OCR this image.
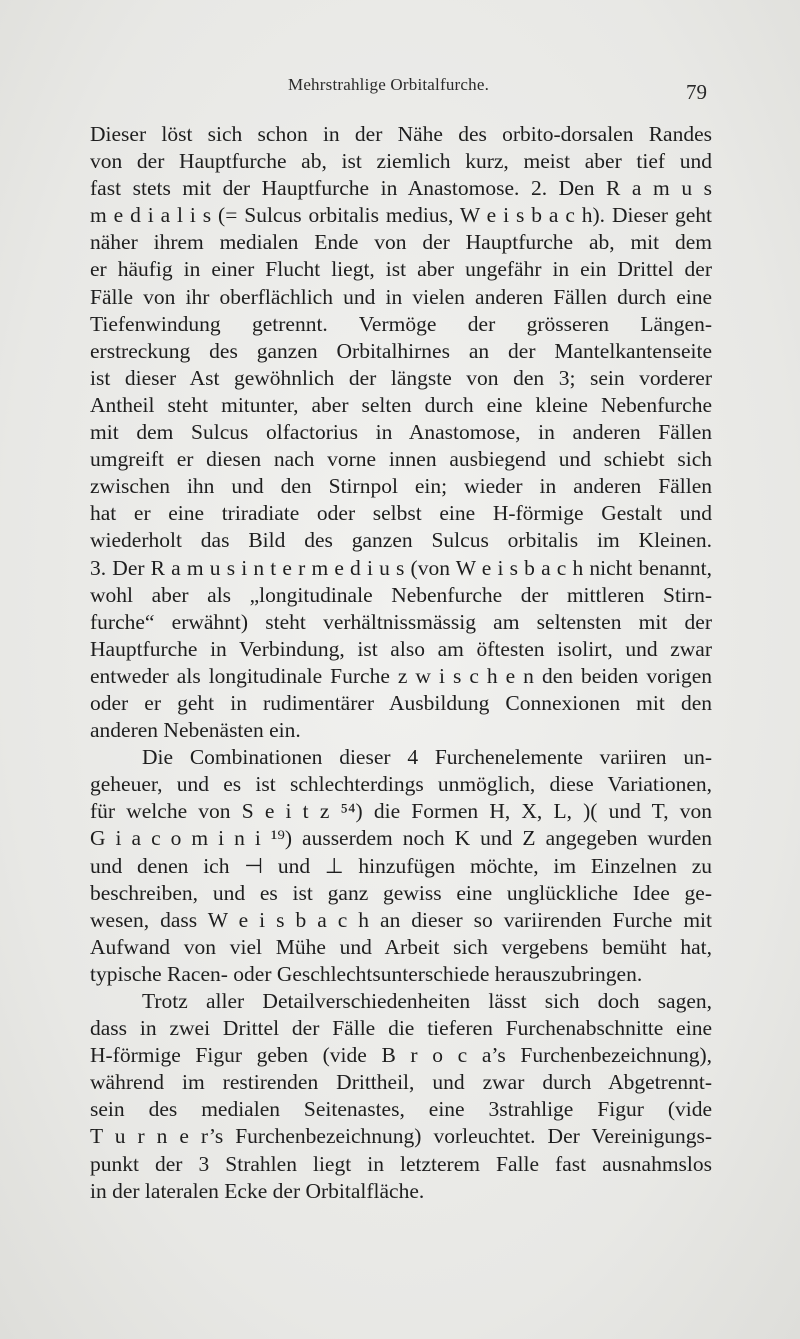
Mehrstrahlige Orbitalfurche.	79
Dieser löst sich schon in der Nähe des orbito-dorsalen Randes
von der Hauptfurche ab, ist ziemlich kurz, meist aber tief und
fast stets mit der Hauptfurche in Anastomose. 2. Den R a m u s
m e d i a l i s (= Sulcus orbitalis medius, W e i s b a c h). Dieser geht
näher ihrem medialen Ende von der Hauptfurche ab, mit dem
er häufig in einer Flucht liegt, ist aber ungefähr in ein Drittel der
Fälle von ihr oberflächlich und in vielen anderen Fällen durch eine
Tiefenwindung getrennt. Vermöge der grösseren Längen-
erstreckung des ganzen Orbitalhirnes an der Mantelkantenseite
ist dieser Ast gewöhnlich der längste von den 3; sein vorderer
Antheil steht mitunter, aber selten durch eine kleine Nebenfurche
mit dem Sulcus olfactorius in Anastomose, in anderen Fällen
umgreift er diesen nach vorne innen ausbiegend und schiebt sich
zwischen ihn und den Stirnpol ein; wieder in anderen Fällen
hat er eine triradiate oder selbst eine H-förmige Gestalt und
wiederholt das Bild des ganzen Sulcus orbitalis im Kleinen.
3. Der R a m u s i n t e r m e d i u s (von W e i s b a c h nicht benannt,
wohl aber als „longitudinale Nebenfurche der mittleren Stirn-
furche“ erwähnt) steht verhältnissmässig am seltensten mit der
Hauptfurche in Verbindung, ist also am öftesten isolirt, und zwar
entweder als longitudinale Furche z w i s c h e n den beiden vorigen
oder er geht in rudimentärer Ausbildung Connexionen mit den
anderen Nebenästen ein.
Die Combinationen dieser 4 Furchenelemente variiren un-
geheuer, und es ist schlechterdings unmöglich, diese Variationen,
für welche von S e i t z ⁵⁴) die Formen H, X, L, )( und T, von
G i a c o m i n i ¹⁹) ausserdem noch K und Z angegeben wurden
und denen ich ⊣ und ⊥ hinzufügen möchte, im Einzelnen zu
beschreiben, und es ist ganz gewiss eine unglückliche Idee ge-
wesen, dass W e i s b a c h an dieser so variirenden Furche mit
Aufwand von viel Mühe und Arbeit sich vergebens bemüht hat,
typische Racen- oder Geschlechtsunterschiede herauszubringen.
Trotz aller Detailverschiedenheiten lässt sich doch sagen,
dass in zwei Drittel der Fälle die tieferen Furchenabschnitte eine
H-förmige Figur geben (vide B r o c a’s Furchenbezeichnung),
während im restirenden Drittheil, und zwar durch Abgetrennt-
sein des medialen Seitenastes, eine 3strahlige Figur (vide
T u r n e r’s Furchenbezeichnung) vorleuchtet. Der Vereinigungs-
punkt der 3 Strahlen liegt in letzterem Falle fast ausnahmslos
in der lateralen Ecke der Orbitalfläche.
